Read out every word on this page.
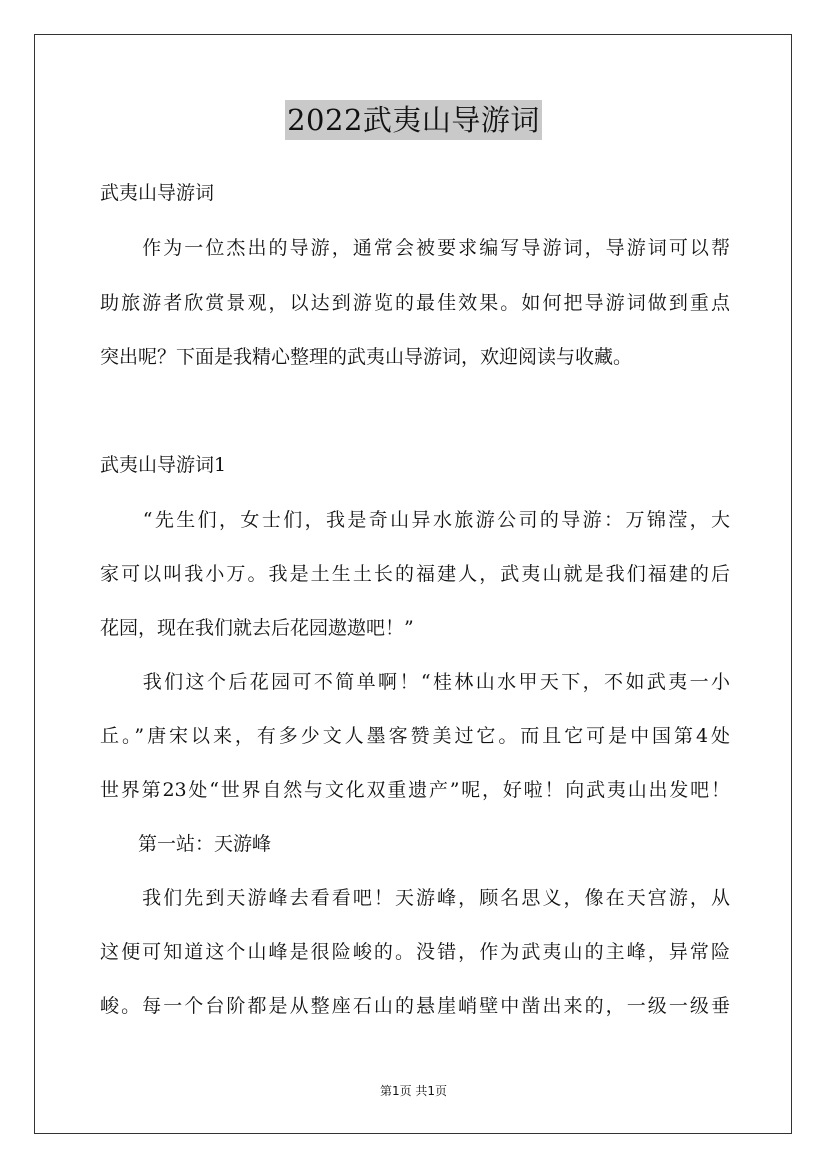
2022武夷山导游词
武夷山导游词
　　作为一位杰出的导游，通常会被要求编写导游词，导游词可以帮
助旅游者欣赏景观，以达到游览的最佳效果。如何把导游词做到重点
突出呢？下面是我精心整理的武夷山导游词，欢迎阅读与收藏。
武夷山导游词1
　　“先生们，女士们，我是奇山异水旅游公司的导游：万锦滢，大
家可以叫我小万。我是土生土长的福建人，武夷山就是我们福建的后
花园，现在我们就去后花园遨遨吧！”
　　我们这个后花园可不简单啊！“桂林山水甲天下，不如武夷一小
丘。”唐宋以来，有多少文人墨客赞美过它。而且它可是中国第4处
世界第23处“世界自然与文化双重遗产”呢，好啦！向武夷山出发吧！
　　第一站：天游峰
　　我们先到天游峰去看看吧！天游峰，顾名思义，像在天宫游，从
这便可知道这个山峰是很险峻的。没错，作为武夷山的主峰，异常险
峻。每一个台阶都是从整座石山的悬崖峭壁中凿出来的，一级一级垂
第1页 共1页
